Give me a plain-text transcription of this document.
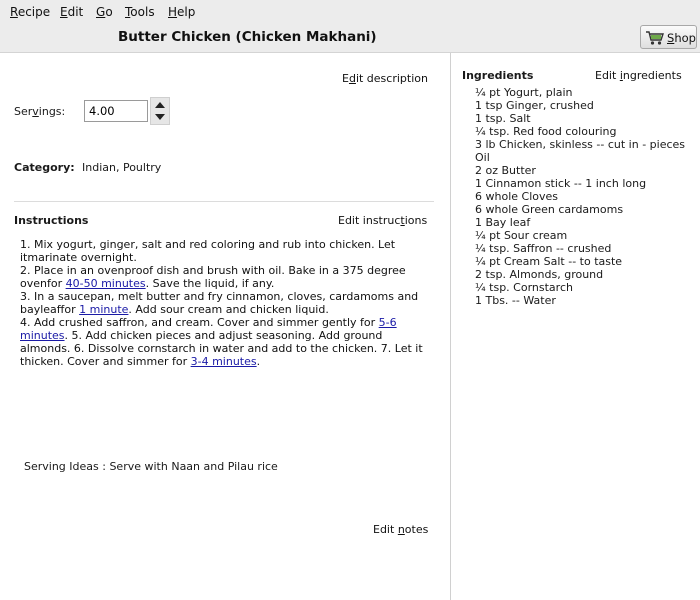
Recipe Edit Go Tools Help
Butter Chicken (Chicken Makhani)	Shop
Edit description
Servings:
4.00
Category: Indian, Poultry
Instructions	Edit instructions
1. Mix yogurt, ginger, salt and red coloring and rub into chicken. Let itmarinate overnight.
2. Place in an ovenproof dish and brush with oil. Bake in a 375 degree ovenfor 40-50 minutes. Save the liquid, if any.
3. In a saucepan, melt butter and fry cinnamon, cloves, cardamoms and bayleaffor 1 minute. Add sour cream and chicken liquid.
4. Add crushed saffron, and cream. Cover and simmer gently for 5-6 minutes. 5. Add chicken pieces and adjust seasoning. Add ground almonds. 6. Dissolve cornstarch in water and add to the chicken. 7. Let it thicken. Cover and simmer for 3-4 minutes.
Serving Ideas : Serve with Naan and Pilau rice
Edit notes
Ingredients	Edit ingredients
¼ pt Yogurt, plain
1 tsp Ginger, crushed
1 tsp. Salt
¼ tsp. Red food colouring
3 lb Chicken, skinless -- cut in - pieces Oil
2 oz Butter
1 Cinnamon stick -- 1 inch long
6 whole Cloves
6 whole Green cardamoms
1 Bay leaf
¼ pt Sour cream
¼ tsp. Saffron -- crushed
¼ pt Cream Salt -- to taste
2 tsp. Almonds, ground
¼ tsp. Cornstarch
1 Tbs. -- Water
